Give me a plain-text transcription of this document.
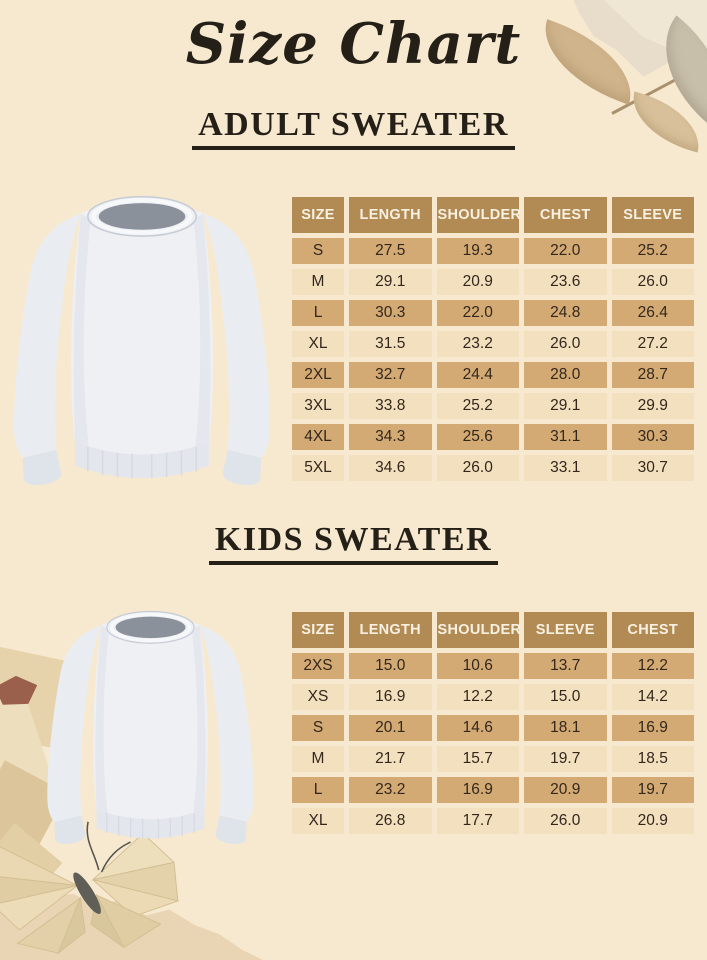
Size Chart
ADULT SWEATER
SIZE	LENGTH	SHOULDER	CHEST	SLEEVE
S	27.5	19.3	22.0	25.2
M	29.1	20.9	23.6	26.0
L	30.3	22.0	24.8	26.4
XL	31.5	23.2	26.0	27.2
2XL	32.7	24.4	28.0	28.7
3XL	33.8	25.2	29.1	29.9
4XL	34.3	25.6	31.1	30.3
5XL	34.6	26.0	33.1	30.7
KIDS SWEATER
SIZE	LENGTH	SHOULDER	SLEEVE	CHEST
2XS	15.0	10.6	13.7	12.2
XS	16.9	12.2	15.0	14.2
S	20.1	14.6	18.1	16.9
M	21.7	15.7	19.7	18.5
L	23.2	16.9	20.9	19.7
XL	26.8	17.7	26.0	20.9
